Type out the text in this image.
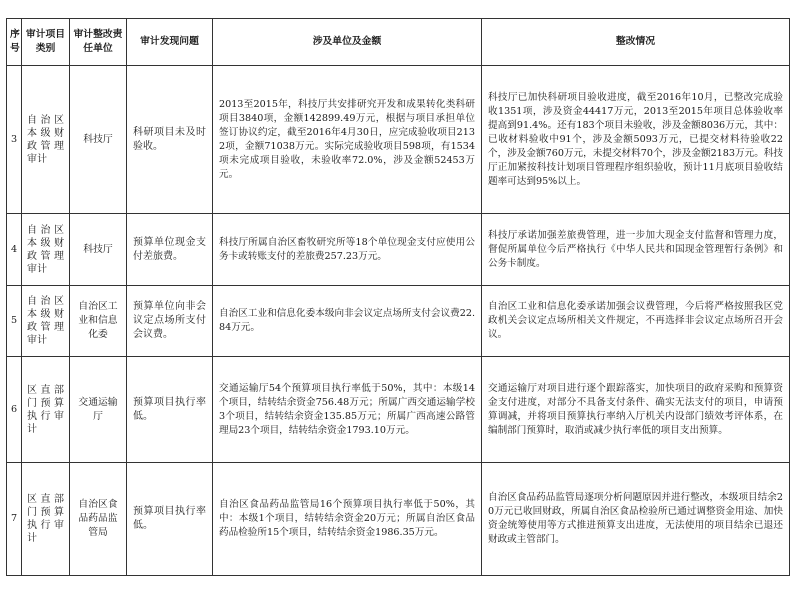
序号	审计项目类别	审计整改责任单位	审计发现问题	涉及单位及金额	整改情况
3	自治区本级财政管理审计	科技厅	科研项目未及时验收。	2013至2015年，科技厅共安排研究开发和成果转化类科研项目3840项，金额142899.49万元，根据与项目承担单位签订协议约定，截至2016年4月30日，应完成验收项目2132项，金额71038万元。实际完成验收项目598项，有1534项未完成项目验收，未验收率72.0%，涉及金额52453万元。	科技厅已加快科研项目验收进度，截至2016年10月，已整改完成验收1351项，涉及资金44417万元，2013至2015年项目总体验收率提高到91.4%。还有183个项目未验收，涉及金额8036万元，其中：已收材料验收中91个，涉及金额5093万元，已提交材料待验收22个，涉及金额760万元，未提交材料70个，涉及金额2183万元。科技厅正加紧按科技计划项目管理程序组织验收，预计11月底项目验收结题率可达到95%以上。
4	自治区本级财政管理审计	科技厅	预算单位现金支付差旅费。	科技厅所属自治区畜牧研究所等18个单位现金支付应使用公务卡或转账支付的差旅费257.23万元。	科技厅承诺加强差旅费管理，进一步加大现金支付监督和管理力度，督促所属单位今后严格执行《中华人民共和国现金管理暂行条例》和公务卡制度。
5	自治区本级财政管理审计	自治区工业和信息化委	预算单位向非会议定点场所支付会议费。	自治区工业和信息化委本级向非会议定点场所支付会议费22.84万元。	自治区工业和信息化委承诺加强会议费管理，今后将严格按照我区党政机关会议定点场所相关文件规定，不再选择非会议定点场所召开会议。
6	区直部门预算执行审计	交通运输厅	预算项目执行率低。	交通运输厅54个预算项目执行率低于50%，其中：本级14个项目，结转结余资金756.48万元；所属广西交通运输学校3个项目，结转结余资金135.85万元；所属广西高速公路管理局23个项目，结转结余资金1793.10万元。	交通运输厅对项目进行逐个跟踪落实，加快项目的政府采购和预算资金支付进度，对部分不具备支付条件、确实无法支付的项目，申请预算调减，并将项目预算执行率纳入厅机关内设部门绩效考评体系，在编制部门预算时，取消或减少执行率低的项目支出预算。
7	区直部门预算执行审计	自治区食品药品监管局	预算项目执行率低。	自治区食品药品监管局16个预算项目执行率低于50%，其中：本级1个项目，结转结余资金20万元；所属自治区食品药品检验所15个项目，结转结余资金1986.35万元。	自治区食品药品监管局逐项分析问题原因并进行整改，本级项目结余20万元已收回财政，所属自治区食品检验所已通过调整资金用途、加快资金统筹使用等方式推进预算支出进度，无法使用的项目结余已退还财政或主管部门。
